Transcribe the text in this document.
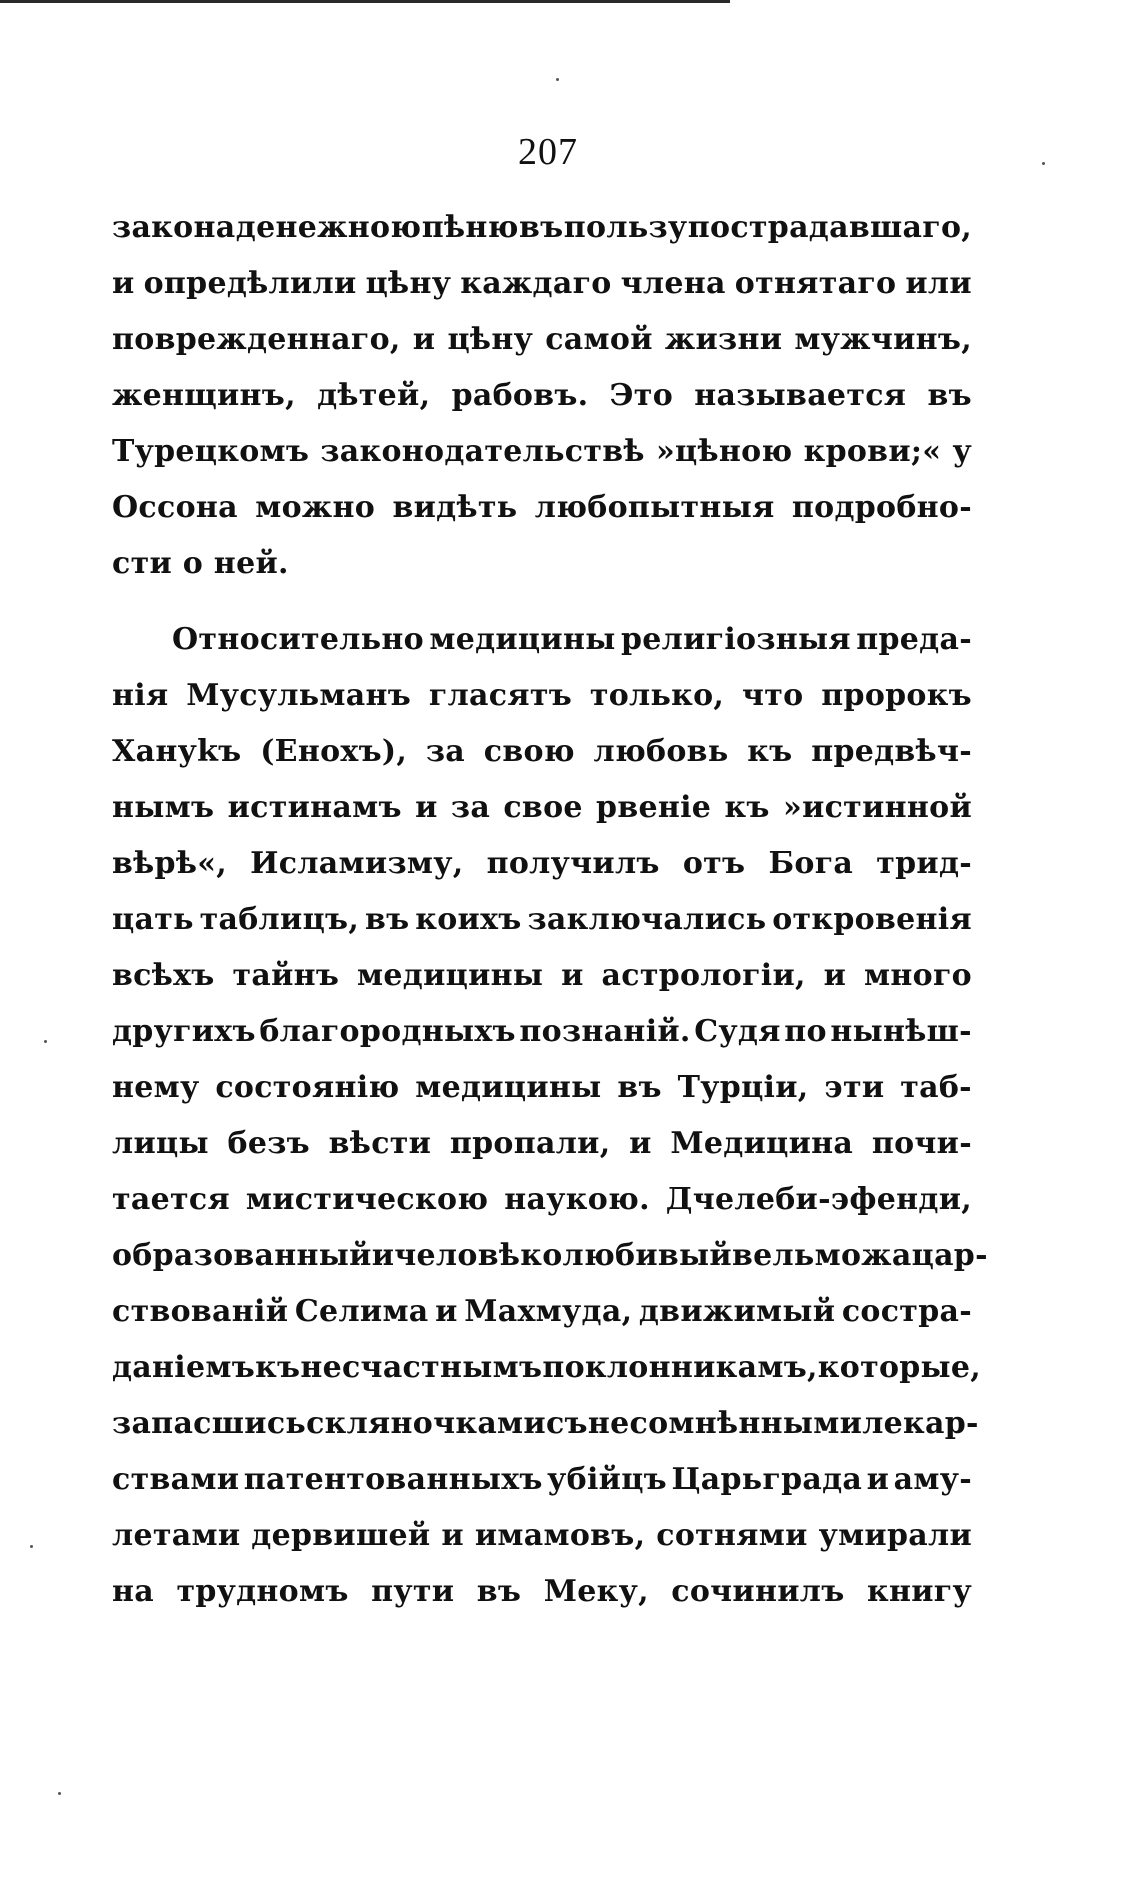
207
закона денежною пѣню въ пользу пострадавшаго,
и опредѣлили цѣну каждаго члена отнятаго или
поврежденнаго, и цѣну самой жизни мужчинъ,
женщинъ, дѣтей, рабовъ. Это называется въ
Турецкомъ законодательствѣ »цѣною крови;« у
Оссона можно видѣть любопытныя подробно-
сти о ней.
Относительно медицины религіозныя преда-
нія Мусульманъ гласятъ только, что пророкъ
Хануkъ (Енохъ), за свою любовь къ предвѣч-
нымъ истинамъ и за свое рвеніе къ »истинной
вѣрѣ«, Исламизму, получилъ отъ Бога трид-
цать таблицъ, въ коихъ заключались откровенія
всѣхъ тайнъ медицины и астрологіи, и много
другихъ благородныхъ познаній. Судя по нынѣш-
нему состоянію медицины въ Турціи, эти таб-
лицы безъ вѣсти пропали, и Медицина почи-
тается мистическою наукою. Дчелеби-эфенди,
образованный и человѣколюбивый вельможа цар-
ствованій Селима и Махмуда, движимый сострa-
даніемъ къ несчастнымъ поклонникамъ, которые,
запасшись скляночками съ несомнѣнными лекар-
ствами патентованныхъ убійцъ Царьграда и аму-
летами дервишей и имамовъ, сотнями умирали
на трудномъ пути въ Меку, сочинилъ книгу
